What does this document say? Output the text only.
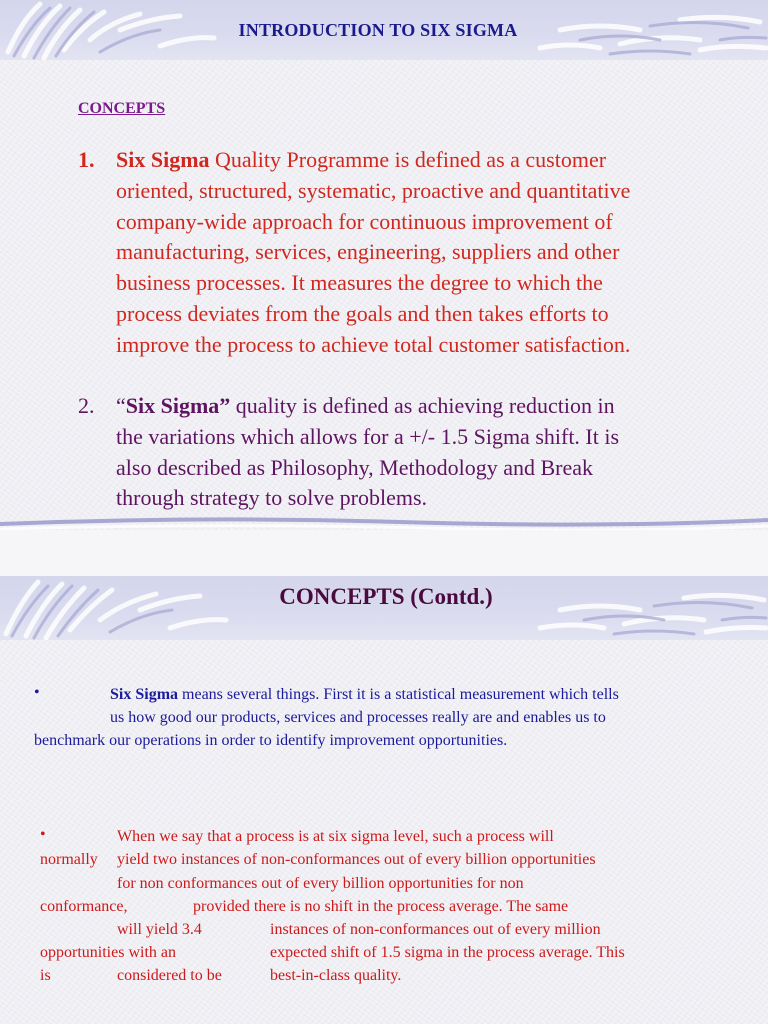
INTRODUCTION TO SIX SIGMA
CONCEPTS
1. Six Sigma Quality Programme is defined as a customer
oriented, structured, systematic, proactive and quantitative
company-wide approach for continuous improvement of
manufacturing, services, engineering, suppliers and other
business processes. It measures the degree to which the
process deviates from the goals and then takes efforts to
improve the process to achieve total customer satisfaction.
2. “Six Sigma” quality is defined as achieving reduction in
the variations which allows for a +/- 1.5 Sigma shift. It is
also described as Philosophy, Methodology and Break
through strategy to solve problems.
CONCEPTS (Contd.)
•	Six Sigma means several things. First it is a statistical measurement which tells
us how good our products, services and processes really are and enables us to
benchmark our operations in order to identify improvement opportunities.
•	When we say that a process is at six sigma level, such a process will
normally yield two instances of non-conformances out of every billion opportunities
for non conformances out of every billion opportunities for non
conformance,	provided there is no shift in the process average. The same
will yield 3.4	instances of non-conformances out of every million
opportunities with an	expected shift of 1.5 sigma in the process average. This
is	considered to be	best-in-class quality.
